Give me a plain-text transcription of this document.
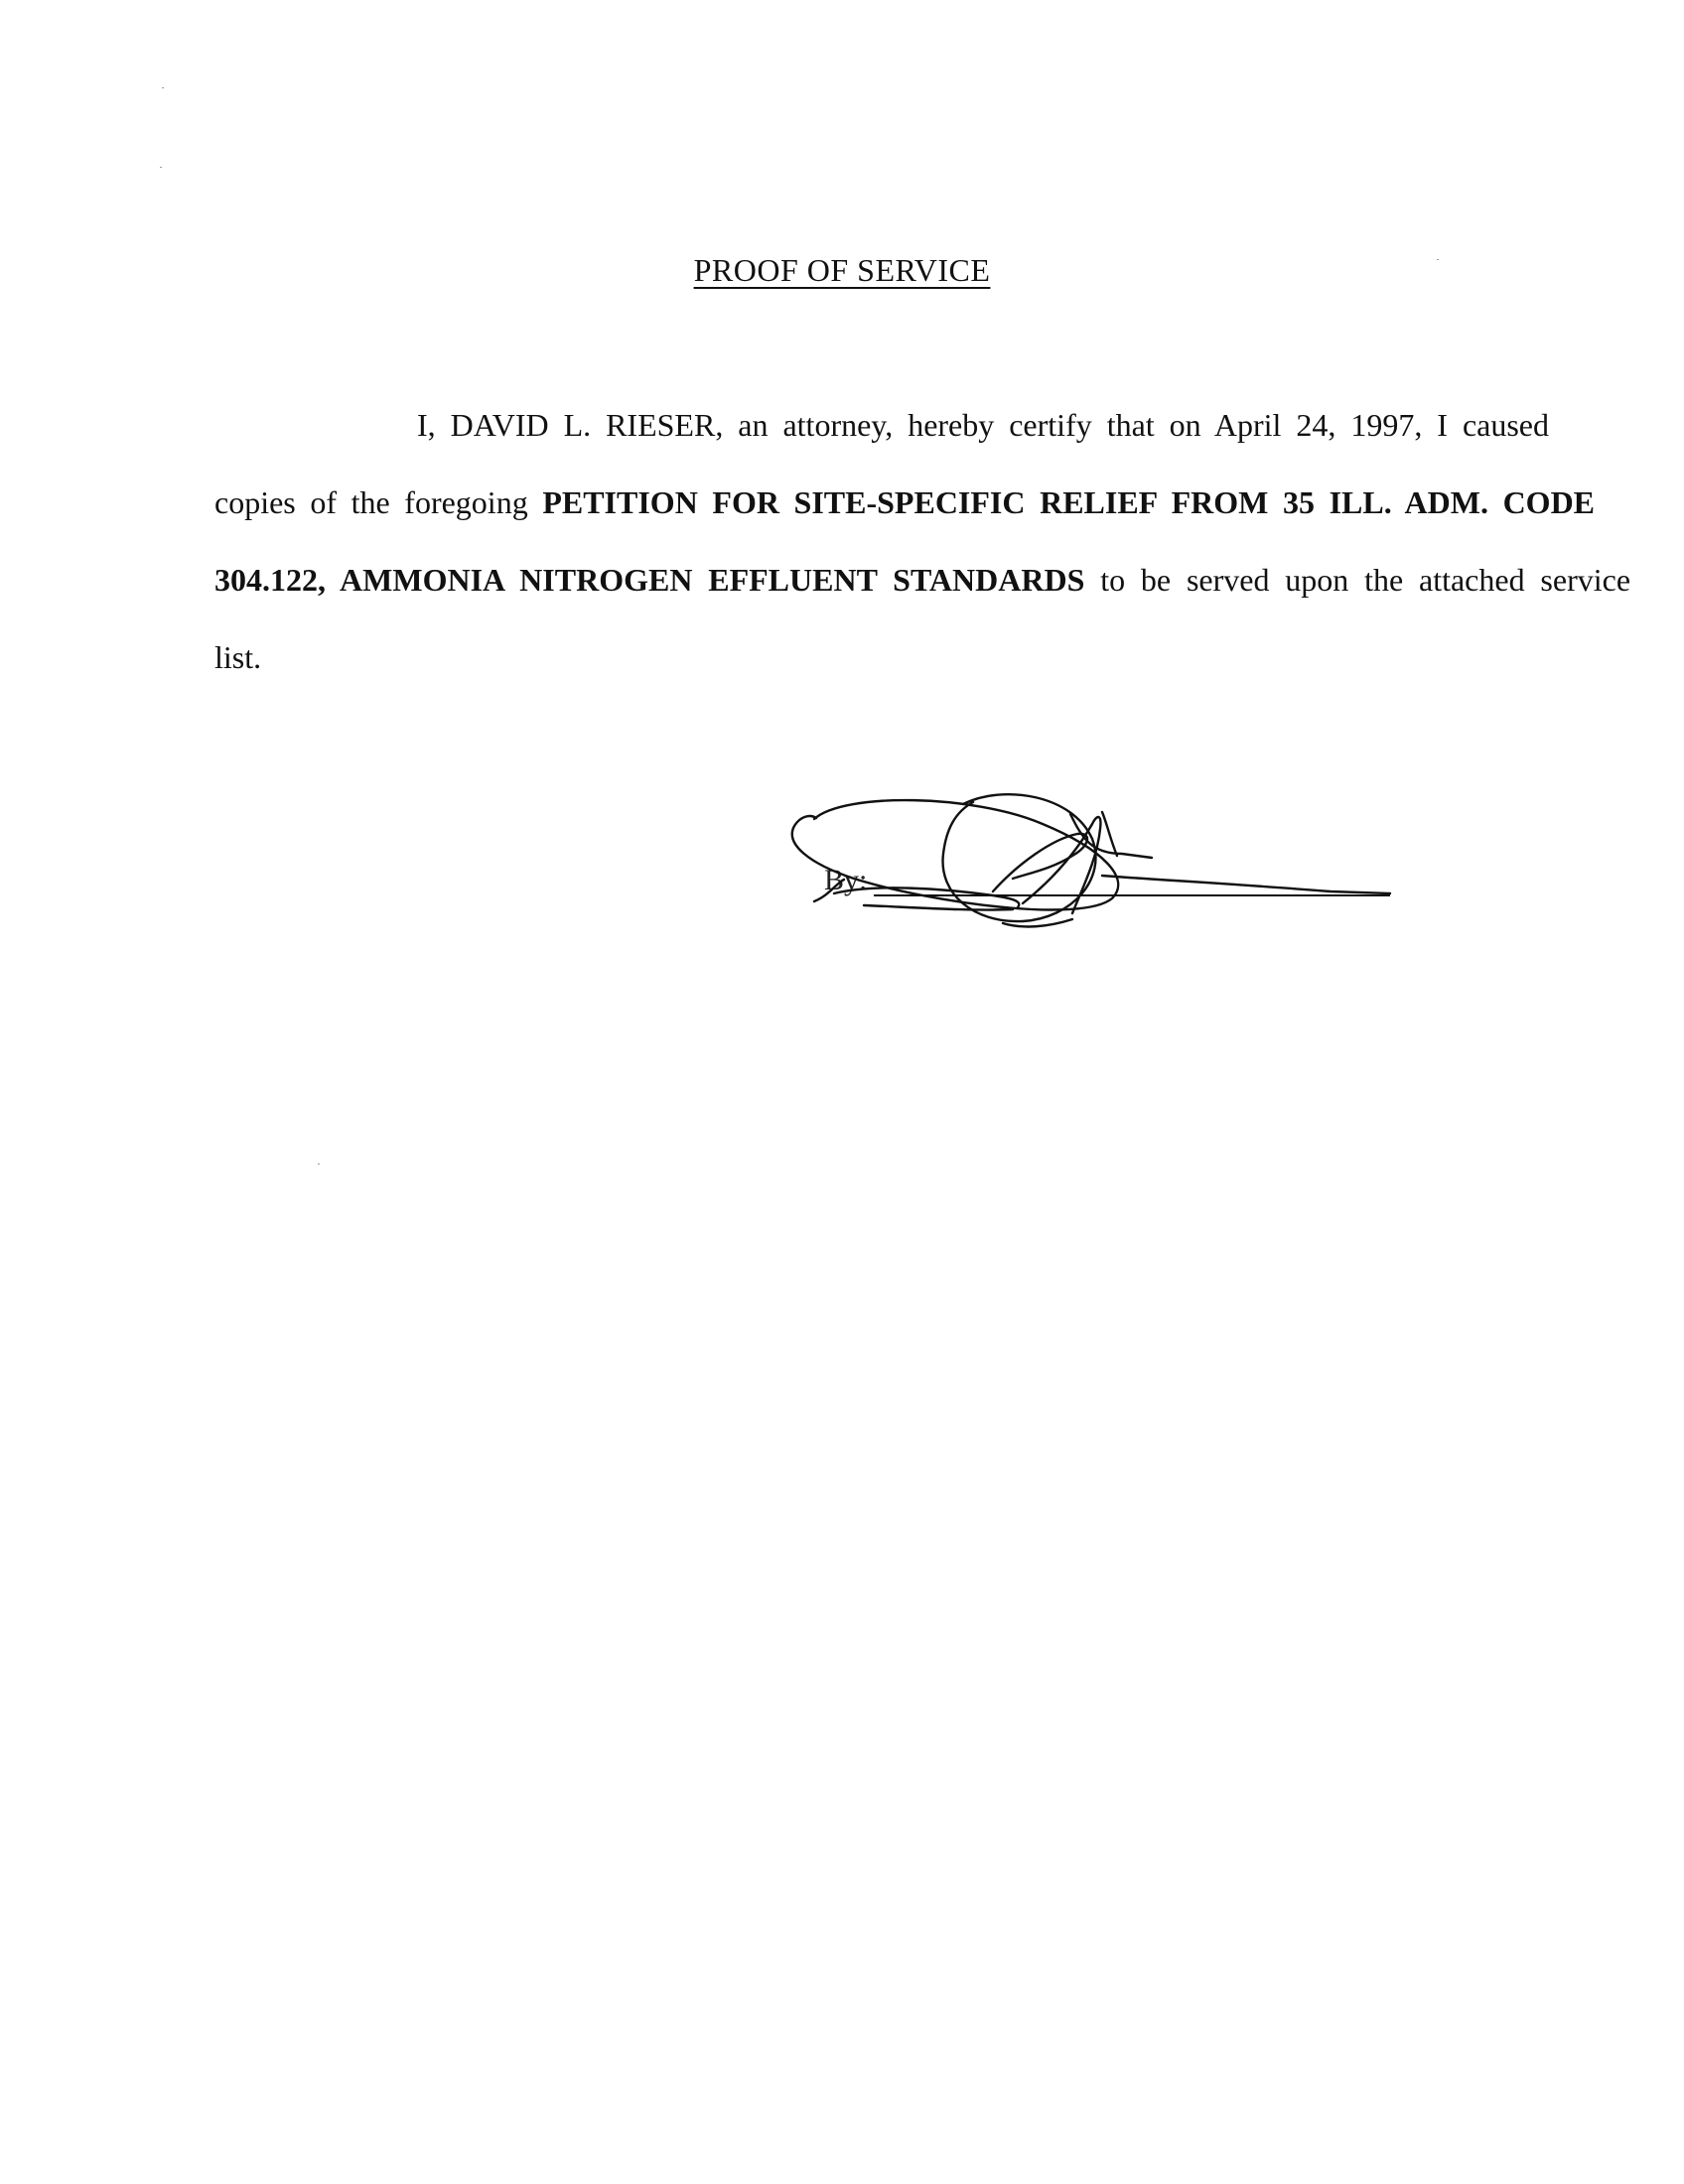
PROOF OF SERVICE
I, DAVID L. RIESER, an attorney, hereby certify that on April 24, 1997, I caused
copies of the foregoing PETITION FOR SITE-SPECIFIC RELIEF FROM 35 ILL. ADM. CODE
304.122, AMMONIA NITROGEN EFFLUENT STANDARDS to be served upon the attached service
list.
By:
